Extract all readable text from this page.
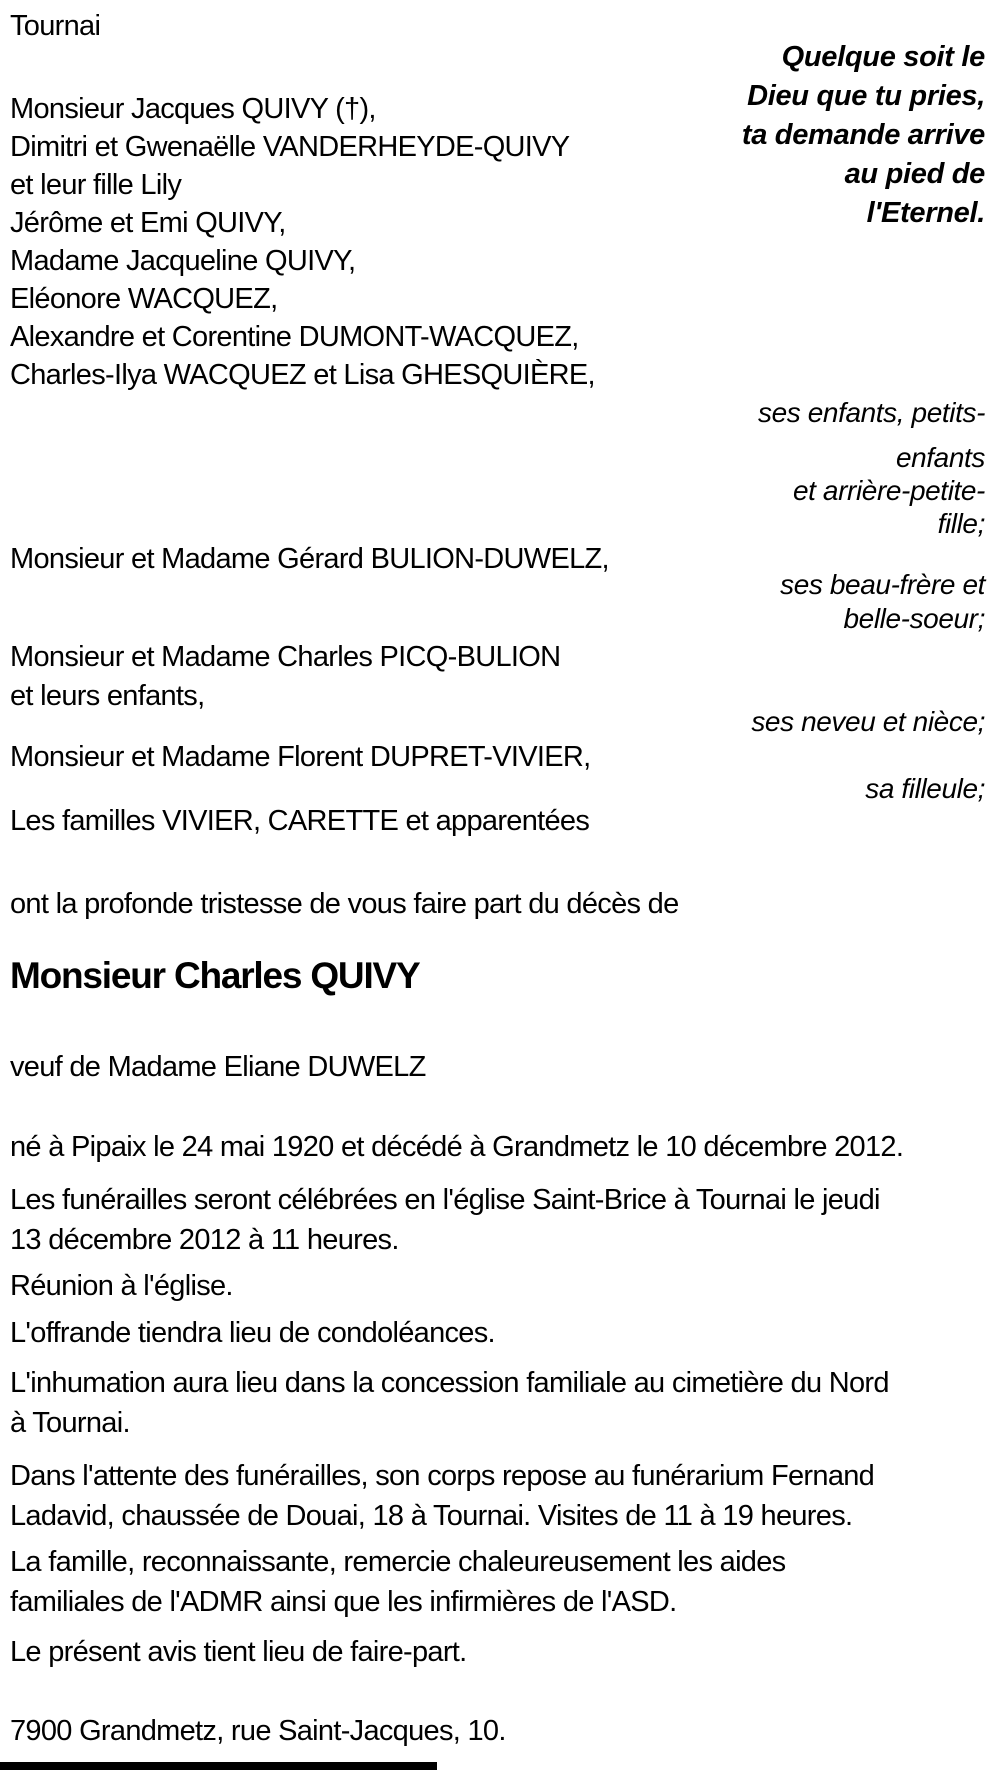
Tournai
Quelque soit le
Dieu que tu pries,
ta demande arrive
au pied de
l'Eternel.
Monsieur Jacques QUIVY (†),
Dimitri et Gwenaëlle VANDERHEYDE-QUIVY
et leur fille Lily
Jérôme et Emi QUIVY,
Madame Jacqueline QUIVY,
Eléonore WACQUEZ,
Alexandre et Corentine DUMONT-WACQUEZ,
Charles-Ilya WACQUEZ et Lisa GHESQUIÈRE,
ses enfants, petits-
enfants
et arrière-petite-
fille;
Monsieur et Madame Gérard BULION-DUWELZ,
ses beau-frère et
belle-soeur;
Monsieur et Madame Charles PICQ-BULION
et leurs enfants,
ses neveu et nièce;
Monsieur et Madame Florent DUPRET-VIVIER,
sa filleule;
Les familles VIVIER, CARETTE et apparentées
ont la profonde tristesse de vous faire part du décès de
Monsieur Charles QUIVY
veuf de Madame Eliane DUWELZ
né à Pipaix le 24 mai 1920 et décédé à Grandmetz le 10 décembre 2012.
Les funérailles seront célébrées en l'église Saint-Brice à Tournai le jeudi
13 décembre 2012 à 11 heures.
Réunion à l'église.
L'offrande tiendra lieu de condoléances.
L'inhumation aura lieu dans la concession familiale au cimetière du Nord
à Tournai.
Dans l'attente des funérailles, son corps repose au funérarium Fernand
Ladavid, chaussée de Douai, 18 à Tournai. Visites de 11 à 19 heures.
La famille, reconnaissante, remercie chaleureusement les aides
familiales de l'ADMR ainsi que les infirmières de l'ASD.
Le présent avis tient lieu de faire-part.
7900 Grandmetz, rue Saint-Jacques, 10.
